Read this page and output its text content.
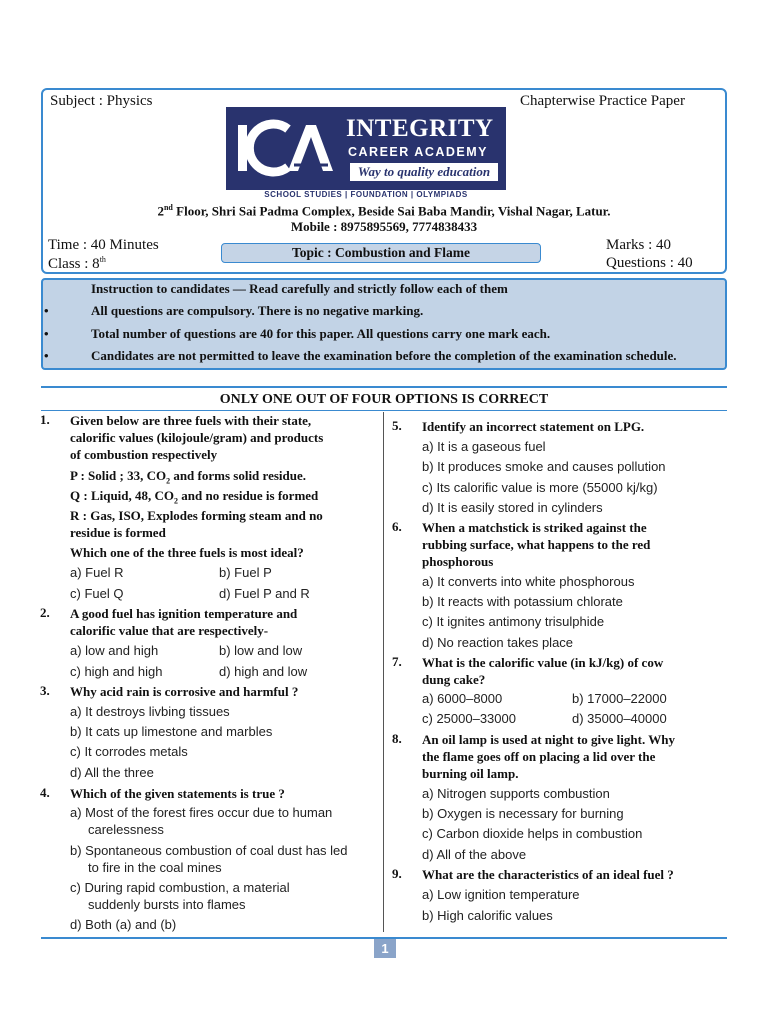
Subject : Physics	Chapterwise Practice Paper
INTEGRITY
CAREER ACADEMY
Way to quality education
SCHOOL STUDIES | FOUNDATION | OLYMPIADS
2nd Floor, Shri Sai Padma Complex, Beside Sai Baba Mandir, Vishal Nagar, Latur.
Mobile : 8975895569, 7774838433
Time : 40 Minutes
Class : 8th	Topic : Combustion and Flame	Marks : 40
Questions : 40
Instruction to candidates — Read carefully and strictly follow each of them
•	All questions are compulsory. There is no negative marking.
•	Total number of questions are 40 for this paper. All questions carry one mark each.
•	Candidates are not permitted to leave the examination before the completion of the examination schedule.
ONLY ONE OUT OF FOUR OPTIONS IS CORRECT
1. Given below are three fuels with their state,
calorific values (kilojoule/gram) and products
of combustion respectively
P : Solid ; 33, $CO_2$ and forms solid residue.
Q : Liquid, 48, $CO_2$ and no residue is formed
R : Gas, ISO, Explodes forming steam and no
residue is formed
Which one of the three fuels is most ideal?
a) Fuel R	b) Fuel P
c) Fuel Q	d) Fuel P and R
2. A good fuel has ignition temperature and
calorific value that are respectively-
a) low and high	b) low and low
c) high and high	d) high and low
3. Why acid rain is corrosive and harmful ?
a) It destroys livbing tissues
b) It cats up limestone and marbles
c) It corrodes metals
d) All the three
4. Which of the given statements is true ?
a) Most of the forest fires occur due to human
carelessness
b) Spontaneous combustion of coal dust has led
to fire in the coal mines
c) During rapid combustion, a material
suddenly bursts into flames
d) Both (a) and (b)
5. Identify an incorrect statement on LPG.
a) It is a gaseous fuel
b) It produces smoke and causes pollution
c) Its calorific value is more (55000 kj/kg)
d) It is easily stored in cylinders
6. When a matchstick is striked against the
rubbing surface, what happens to the red
phosphorous
a) It converts into white phosphorous
b) It reacts with potassium chlorate
c) It ignites antimony trisulphide
d) No reaction takes place
7. What is the calorific value (in kJ/kg) of cow
dung cake?
a) 6000–8000	b) 17000–22000
c) 25000–33000	d) 35000–40000
8. An oil lamp is used at night to give light. Why
the flame goes off on placing a lid over the
burning oil lamp.
a) Nitrogen supports combustion
b) Oxygen is necessary for burning
c) Carbon dioxide helps in combustion
d) All of the above
9. What are the characteristics of an ideal fuel ?
a) Low ignition temperature
b) High calorific values
1
